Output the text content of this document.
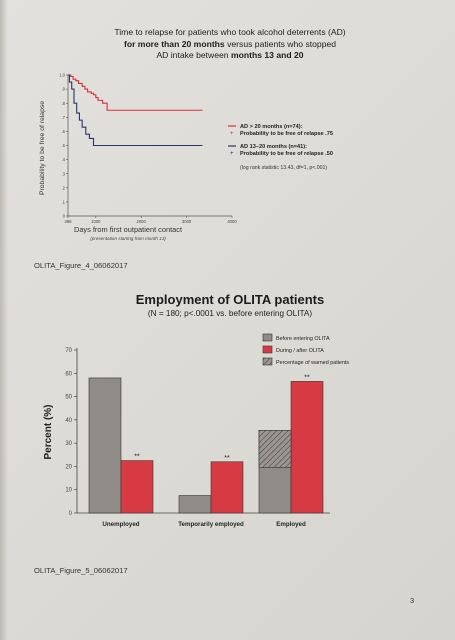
Time to relapse for patients who took alcohol deterrents (AD)
for more than 20 months versus patients who stopped
AD intake between months 13 and 20
0
.1
.2
.3
.4
.5
.6
.7
.8
.9
1.0
388	1000	2000	3000	4000
+
AD > 20 months (n=74):
Probability to be free of relapse .75
+
AD 13–20 months (n=41):
Probability to be free of relapse .50
Days from first outpatient contact
(presentation starting from month 13)
Probability to be free of relapse	(log rank statistic 13.43, df=1, p<.001)
OLITA_Figure_4_06062017
Employment of OLITA patients
(N = 180; p<.0001 vs. before entering OLITA)
0
10
20
30
40
50
60
70
**
Unemployed
**
Temporarily employed
**
Employed
Before entering OLITA
During / after OLITA
Percentage of warned patients
Percent (%)
OLITA_Figure_5_06062017
3
